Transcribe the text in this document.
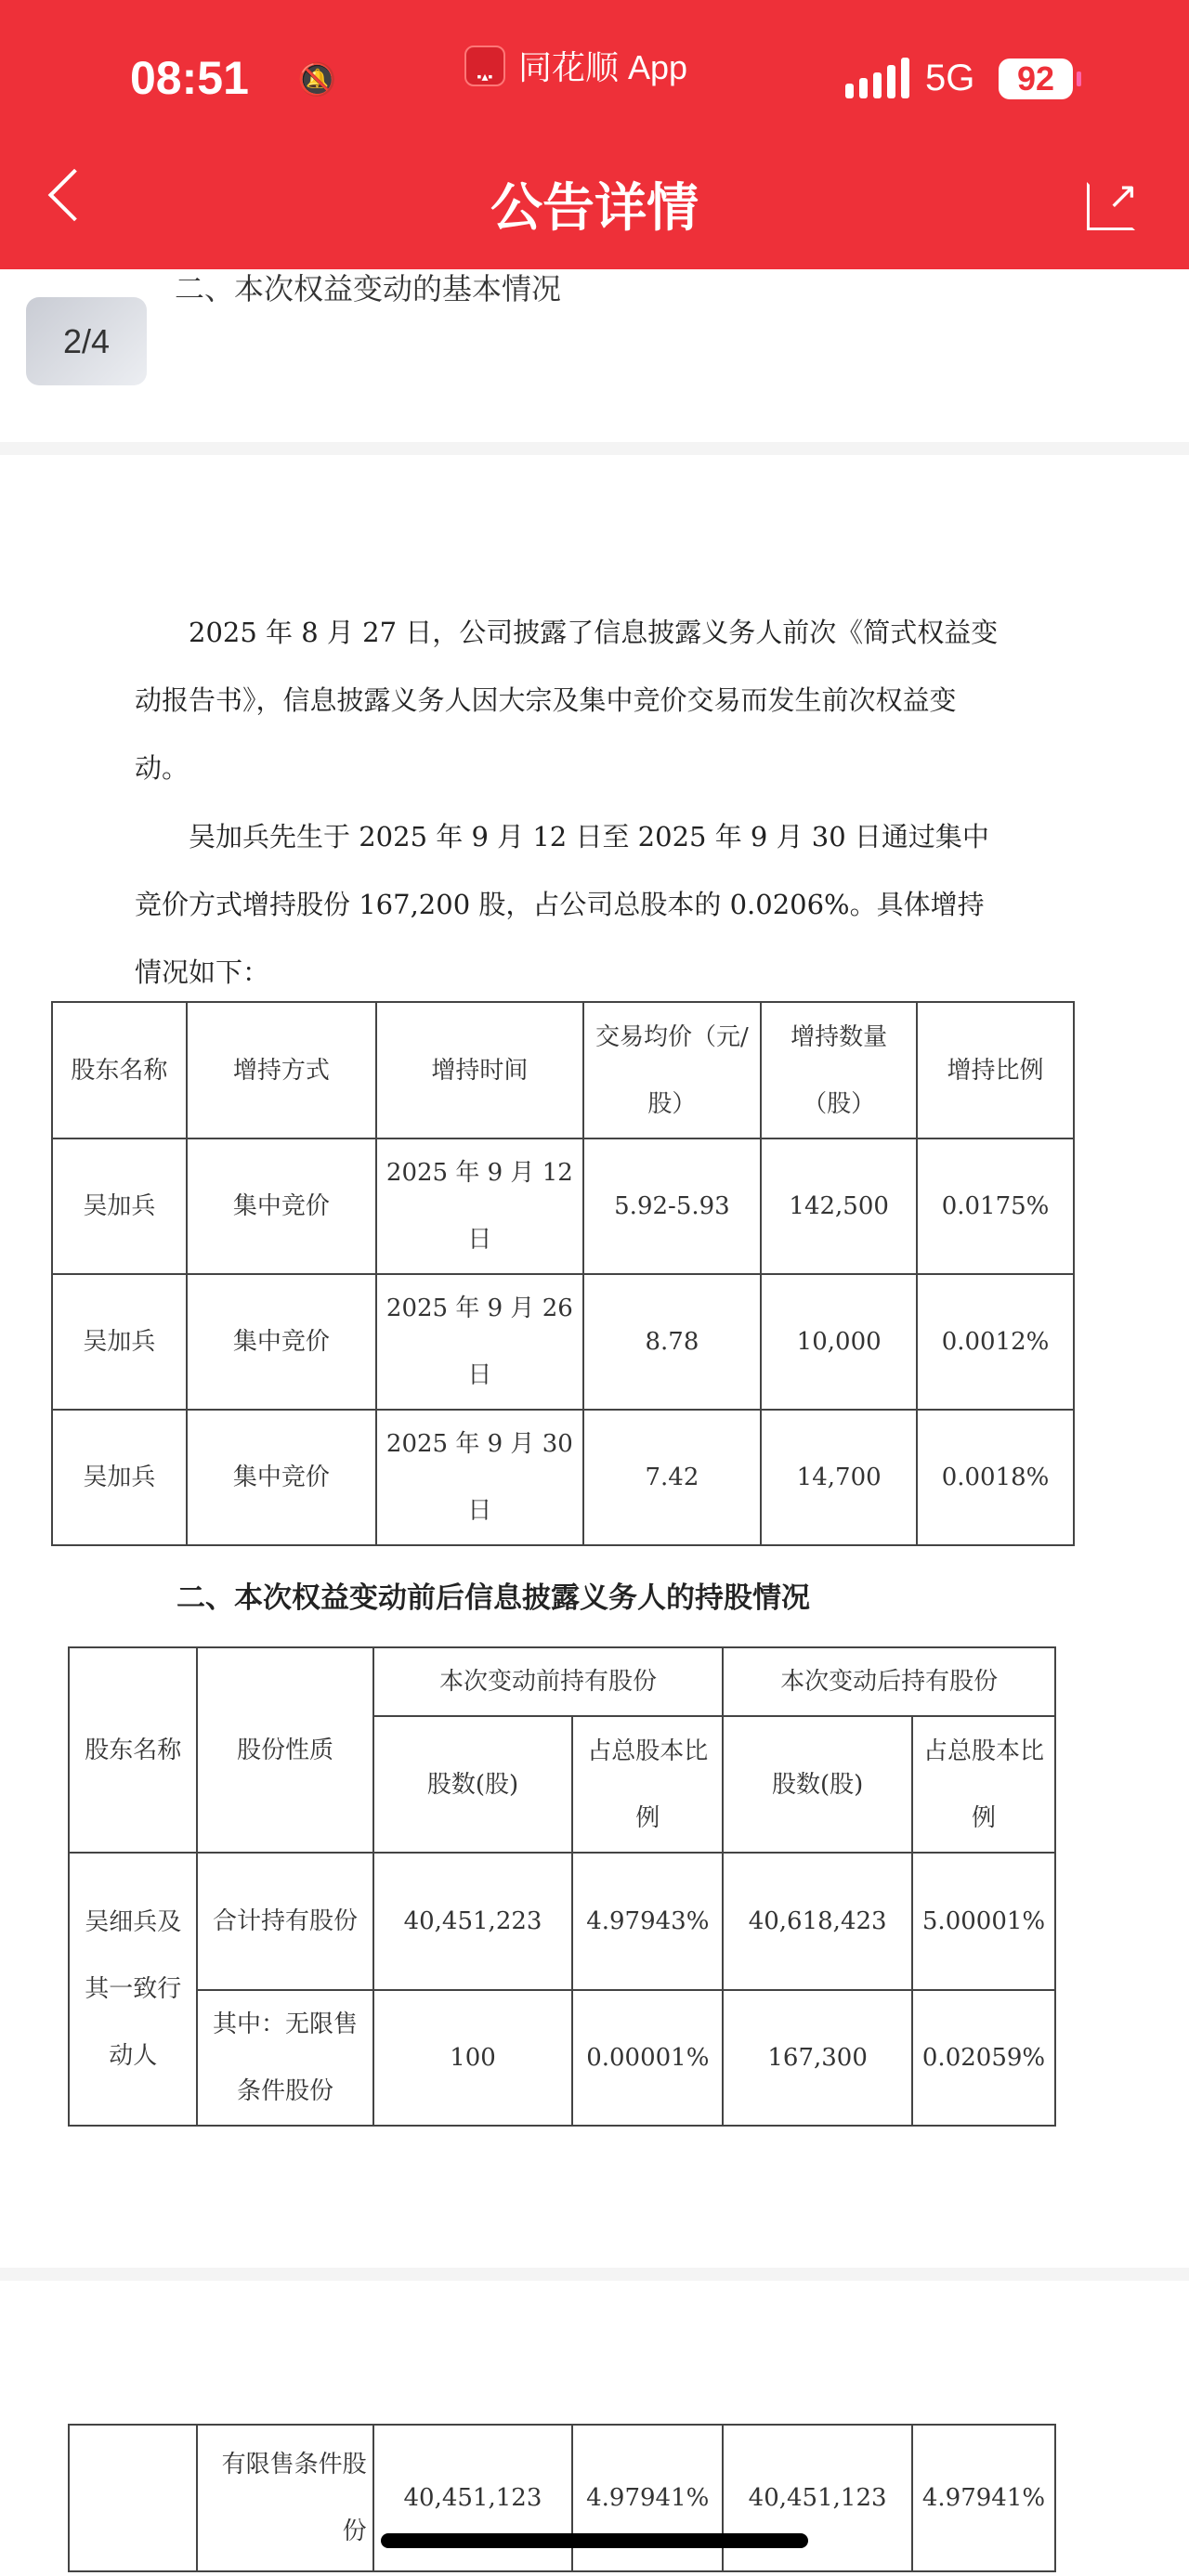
08:51 🔕	▪▴▪ 同花顺 App	5G	92
公告详情	↗
二、本次权益变动的基本情况
2/4
2025 年 8 月 27 日，公司披露了信息披露义务人前次《简式权益变动报告书》，信息披露义务人因大宗及集中竞价交易而发生前次权益变动。
吴加兵先生于 2025 年 9 月 12 日至 2025 年 9 月 30 日通过集中竞价方式增持股份 167,200 股，占公司总股本的 0.0206%。具体增持情况如下：
股东名称	增持方式	增持时间	交易均价（元/股）	增持数量（股）	增持比例
吴加兵	集中竞价	2025 年 9 月 12 日	5.92-5.93	142,500	0.0175%
吴加兵	集中竞价	2025 年 9 月 26 日	8.78	10,000	0.0012%
吴加兵	集中竞价	2025 年 9 月 30 日	7.42	14,700	0.0018%
二、本次权益变动前后信息披露义务人的持股情况
股东名称	股份性质	本次变动前持有股份		本次变动后持有股份	
		股数(股)	占总股本比例	股数(股)	占总股本比例
吴细兵及其一致行动人	合计持有股份	40,451,223	4.97943%	40,618,423	5.00001%
	其中：无限售条件股份	100	0.00001%	167,300	0.02059%
	有限售条件股份	40,451,123	4.97941%	40,451,123	4.97941%
